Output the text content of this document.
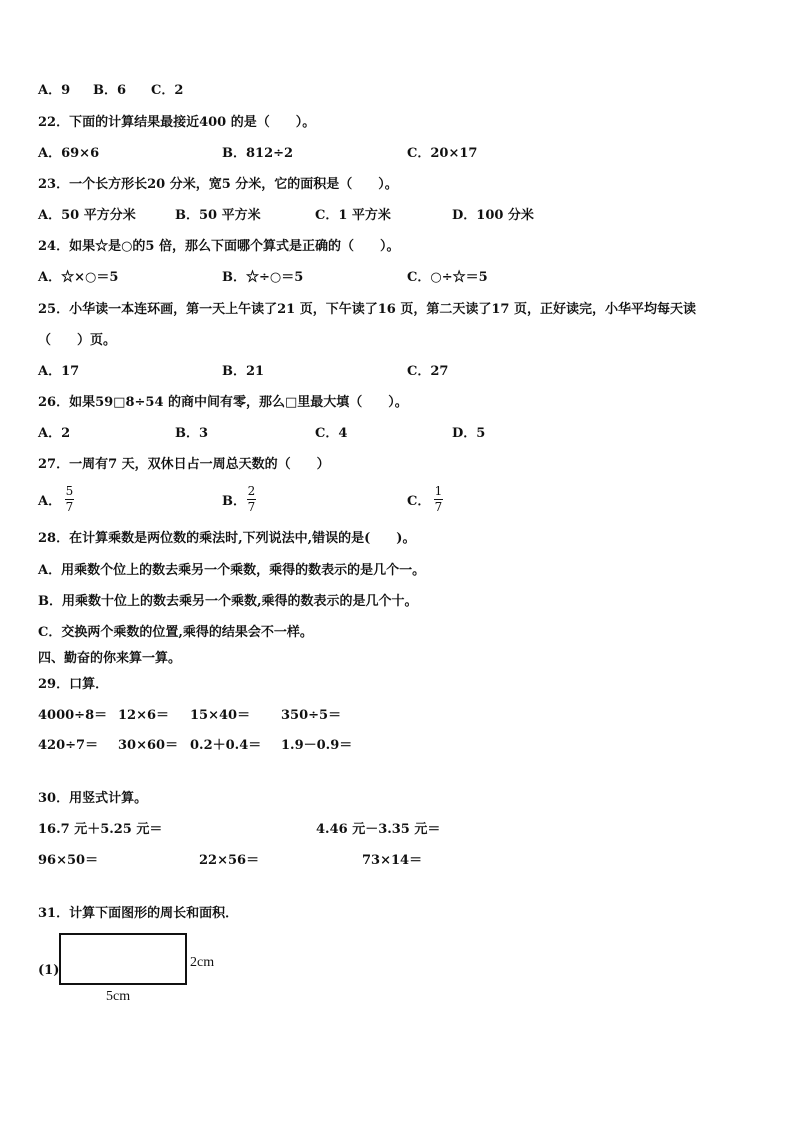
A．9 B．6 C．2
22．下面的计算结果最接近400 的是（　　）。
A．69×6	B．812÷2	C．20×17
23．一个长方形长20 分米，宽5 分米，它的面积是（　　）。
A．50 平方分米	B．50 平方米	C．1 平方米	D．100 分米
24．如果☆是○的5 倍，那么下面哪个算式是正确的（　　）。
A．☆×○＝5	B．☆÷○＝5	C．○÷☆＝5
25．小华读一本连环画，第一天上午读了21 页，下午读了16 页，第二天读了17 页，正好读完，小华平均每天读
（　　）页。
A．17	B．21	C．27
26．如果59□8÷54 的商中间有零，那么□里最大填（　　）。
A．2	B．3	C．4	D．5
27．一周有7 天，双休日占一周总天数的（　　）
A．
5
7	B．
2
7	C．
1
7
28．在计算乘数是两位数的乘法时,下列说法中,错误的是(　　)。
A．用乘数个位上的数去乘另一个乘数，乘得的数表示的是几个一。
B．用乘数十位上的数去乘另一个乘数,乘得的数表示的是几个十。
C．交换两个乘数的位置,乘得的结果会不一样。
四、勤奋的你来算一算。
29．口算．
4000÷8＝ 12×6＝ 15×40＝ 350÷5＝
420÷7＝ 30×60＝ 0.2＋0.4＝ 1.9－0.9＝
30．用竖式计算。
16.7 元＋5.25 元＝	4.46 元－3.35 元＝
96×50＝	22×56＝	73×14＝
31．计算下面图形的周长和面积．
(1)
2cm
5cm
